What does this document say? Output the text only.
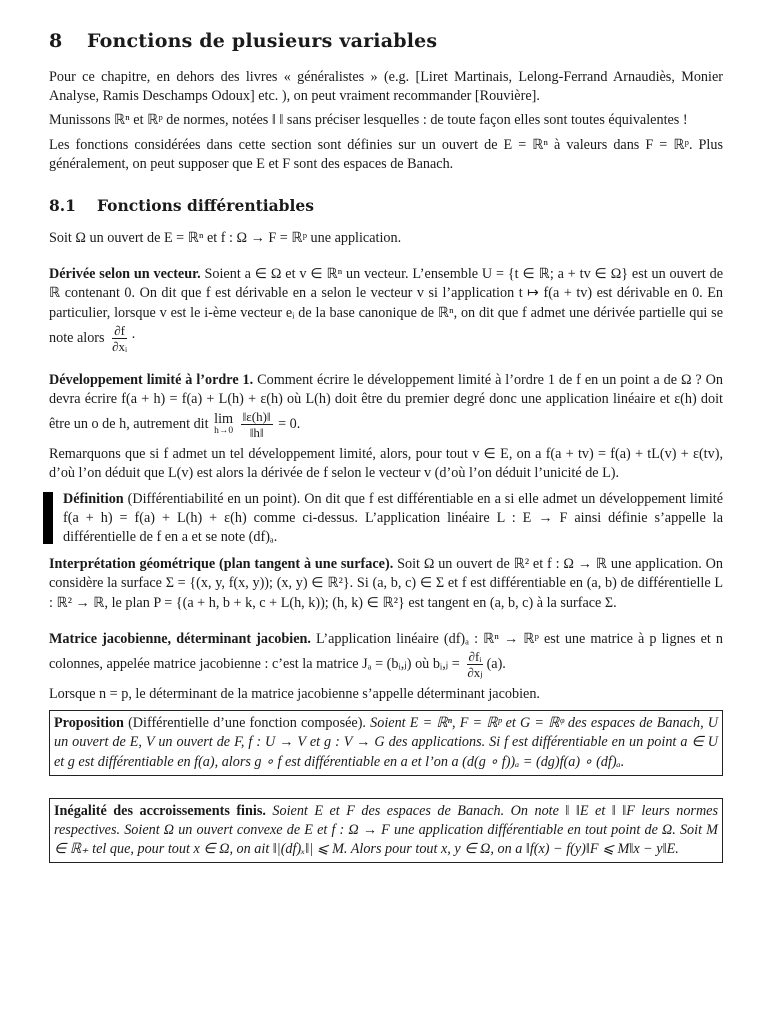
8 Fonctions de plusieurs variables

Pour ce chapitre, en dehors des livres « généralistes » (e.g. [Liret Martinais, Lelong-Ferrand Arnaudiès, Monier Analyse, Ramis Deschamps Odoux] etc. ), on peut vraiment recommander [Rouvière].

Munissons ℝⁿ et ℝᵖ de normes, notées ‖ ‖ sans préciser lesquelles : de toute façon elles sont toutes équivalentes !

Les fonctions considérées dans cette section sont définies sur un ouvert de E = ℝⁿ à valeurs dans F = ℝᵖ. Plus généralement, on peut supposer que E et F sont des espaces de Banach.

8.1 Fonctions différentiables

Soit Ω un ouvert de E = ℝⁿ et f : Ω → F = ℝᵖ une application.

Dérivée selon un vecteur. Soient a ∈ Ω et v ∈ ℝⁿ un vecteur. L’ensemble U = {t ∈ ℝ; a + tv ∈ Ω} est un ouvert de ℝ contenant 0. On dit que f est dérivable en a selon le vecteur v si l’application t ↦ f(a + tv) est dérivable en 0. En particulier, lorsque v est le i-ème vecteur eᵢ de la base canonique de ℝⁿ, on dit que f admet une dérivée partielle qui se note alors $\frac{\partial f}{\text{∂xᵢ}}$ ·

Développement limité à l’ordre 1. Comment écrire le développement limité à l’ordre 1 de f en un point a de Ω ? On devra écrire f(a + h) = f(a) + L(h) + ε(h) où L(h) doit être du premier degré donc une application linéaire et ε(h) doit être un o de h, autrement dit lim
h→0
$\frac{‖\varepsilon(h)‖}{‖h‖} = 0$.

Remarquons que si f admet un tel développement limité, alors, pour tout v ∈ E, on a f(a + tv) = f(a) + tL(v) + ε(tv), d’où l’on déduit que L(v) est alors la dérivée de f selon le vecteur v (d’où l’on déduit l’unicité de L).

Définition (Différentiabilité en un point). On dit que f est différentiable en a si elle admet un développement limité f(a + h) = f(a) + L(h) + ε(h) comme ci-dessus. L’application linéaire L : E → F ainsi définie s’appelle la différentielle de f en a et se note (df)ₐ.

Interprétation géométrique (plan tangent à une surface). Soit Ω un ouvert de ℝ² et f : Ω → ℝ une application. On considère la surface Σ = {(x, y, f(x, y)); (x, y) ∈ ℝ²}. Si (a, b, c) ∈ Σ et f est différentiable en (a, b) de différentielle L : ℝ² → ℝ, le plan P = {(a + h, b + k, c + L(h, k)); (h, k) ∈ ℝ²} est tangent en (a, b, c) à la surface Σ.

Matrice jacobienne, déterminant jacobien. L’application linéaire (df)ₐ : ℝⁿ → ℝᵖ est une matrice à p lignes et n colonnes, appelée matrice jacobienne : c’est la matrice Jₐ = (bᵢ,ⱼ) où bᵢ,ⱼ = $\frac{\text{∂fᵢ}}{\text{∂xⱼ}} (a)$.

Lorsque n = p, le déterminant de la matrice jacobienne s’appelle déterminant jacobien.

Proposition (Différentielle d’une fonction composée). Soient E = ℝⁿ, F = ℝᵖ et G = ℝᵠ des espaces de Banach, U un ouvert de E, V un ouvert de F, f : U → V et g : V → G des applications. Si f est différentiable en un point a ∈ U et g est différentiable en f(a), alors g ∘ f est différentiable en a et l’on a (d(g ∘ f))ₐ = (dg)f(a) ∘ (df)ₐ.

Inégalité des accroissements finis. Soient E et F des espaces de Banach. On note ‖ ‖E et ‖ ‖F leurs normes respectives. Soient Ω un ouvert convexe de E et f : Ω → F une application différentiable en tout point de Ω. Soit M ∈ ℝ₊ tel que, pour tout x ∈ Ω, on ait ‖|(df)ₓ‖| ⩽ M. Alors pour tout x, y ∈ Ω, on a ‖f(x) − f(y)‖F ⩽ M‖x − y‖E.
